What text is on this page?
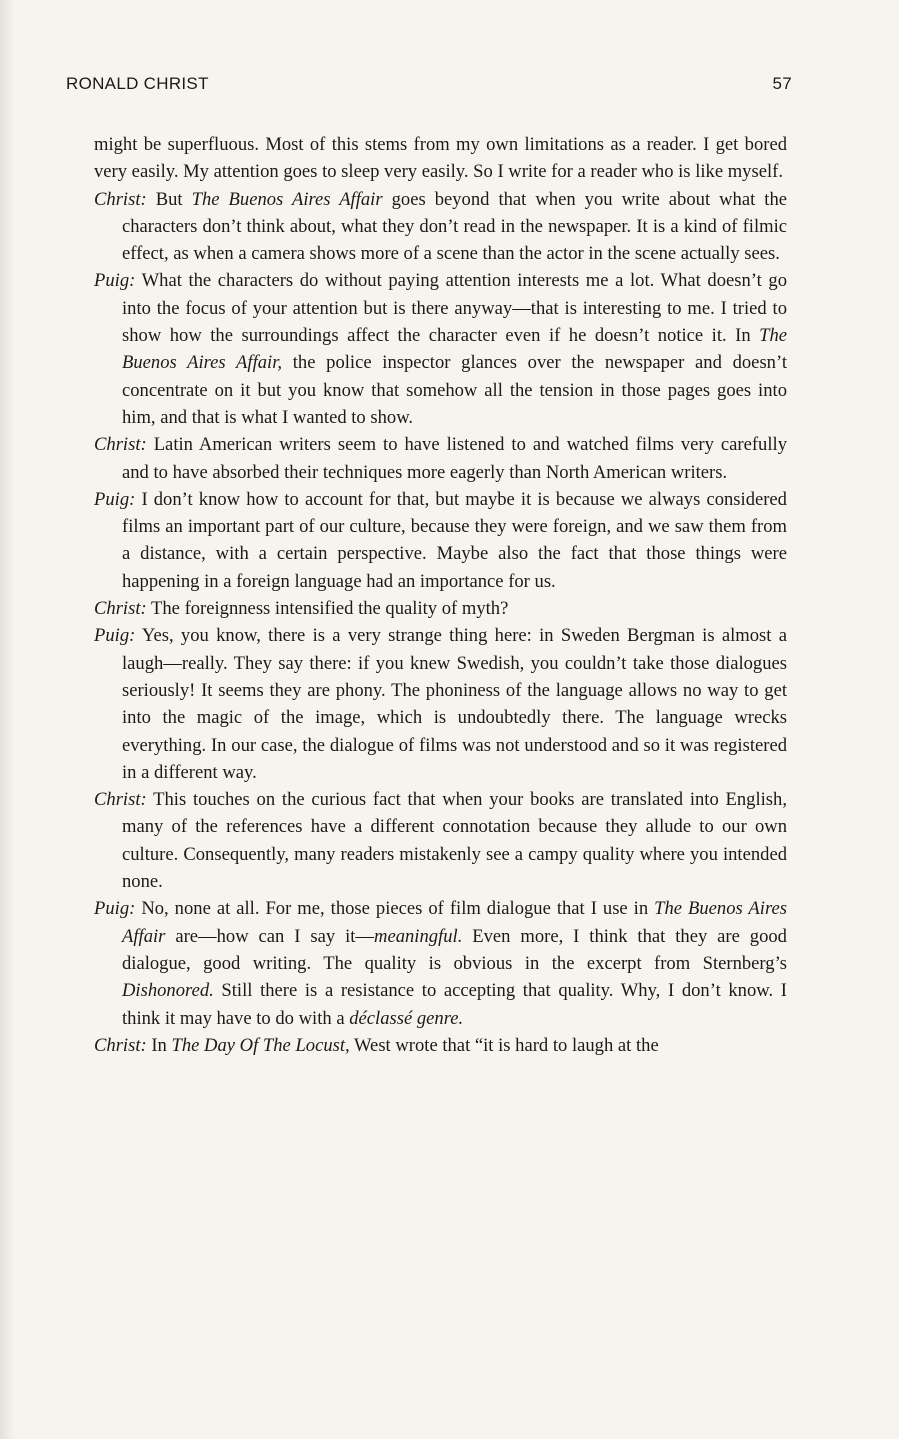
RONALD CHRIST	57

might be superfluous. Most of this stems from my own limitations as a reader. I get bored very easily. My attention goes to sleep very easily. So I write for a reader who is like myself.

Christ: But The Buenos Aires Affair goes beyond that when you write about what the characters don’t think about, what they don’t read in the newspaper. It is a kind of filmic effect, as when a camera shows more of a scene than the actor in the scene actually sees.

Puig: What the characters do without paying attention interests me a lot. What doesn’t go into the focus of your attention but is there anyway—that is interesting to me. I tried to show how the surroundings affect the character even if he doesn’t notice it. In The Buenos Aires Affair, the police inspector glances over the newspaper and doesn’t concentrate on it but you know that somehow all the tension in those pages goes into him, and that is what I wanted to show.

Christ: Latin American writers seem to have listened to and watched films very carefully and to have absorbed their techniques more eagerly than North American writers.

Puig: I don’t know how to account for that, but maybe it is because we always considered films an important part of our culture, because they were foreign, and we saw them from a distance, with a certain perspective. Maybe also the fact that those things were happening in a foreign language had an importance for us.

Christ: The foreignness intensified the quality of myth?

Puig: Yes, you know, there is a very strange thing here: in Sweden Bergman is almost a laugh—really. They say there: if you knew Swedish, you couldn’t take those dialogues seriously! It seems they are phony. The phoniness of the language allows no way to get into the magic of the image, which is undoubtedly there. The language wrecks everything. In our case, the dialogue of films was not understood and so it was registered in a different way.

Christ: This touches on the curious fact that when your books are translated into English, many of the references have a different connotation because they allude to our own culture. Consequently, many readers mistakenly see a campy quality where you intended none.

Puig: No, none at all. For me, those pieces of film dialogue that I use in The Buenos Aires Affair are—how can I say it—meaningful. Even more, I think that they are good dialogue, good writing. The quality is obvious in the excerpt from Sternberg’s Dishonored. Still there is a resistance to accepting that quality. Why, I don’t know. I think it may have to do with a déclassé genre.

Christ: In The Day Of The Locust, West wrote that “it is hard to laugh at the
